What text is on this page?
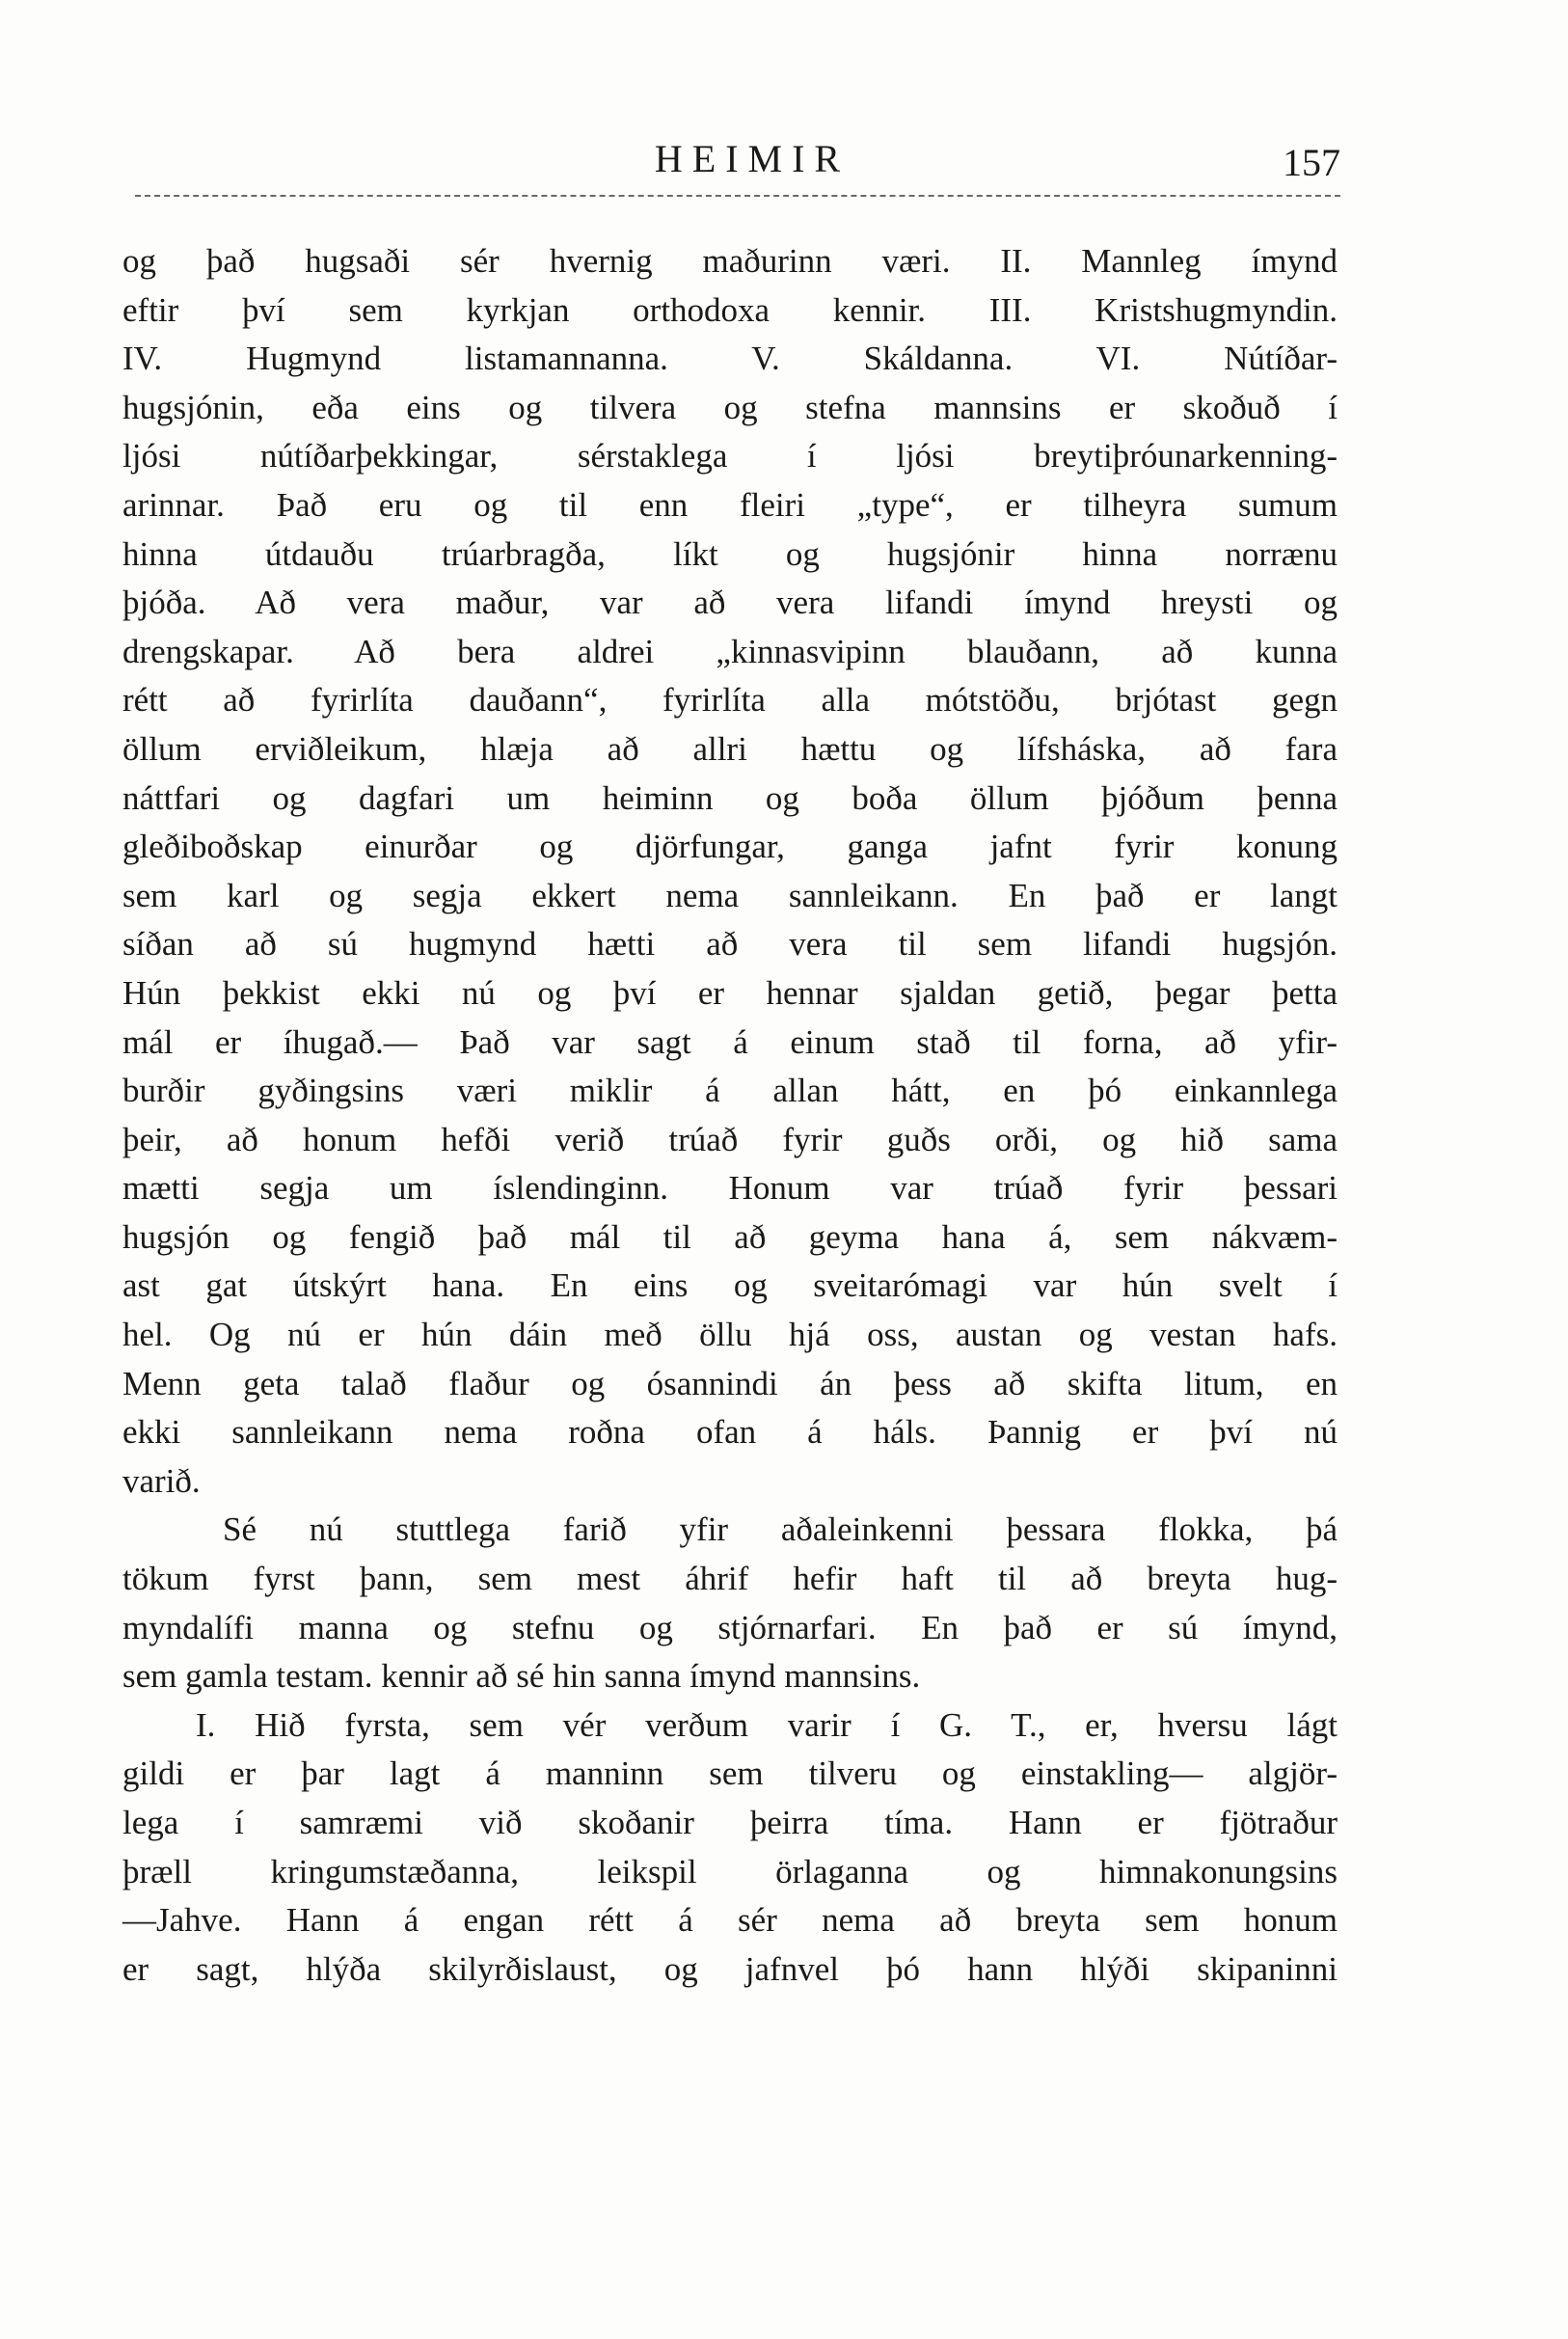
HEIMIR	157
og það hugsaði sér hvernig maðurinn væri. II. Mannleg ímynd
eftir því sem kyrkjan orthodoxa kennir. III. Kristshugmyndin.
IV. Hugmynd listamannanna. V. Skáldanna. VI. Nútíðar-
hugsjónin, eða eins og tilvera og stefna mannsins er skoðuð í
ljósi nútíðarþekkingar, sérstaklega í ljósi breytiþróunarkenning-
arinnar. Það eru og til enn fleiri „type“, er tilheyra sumum
hinna útdauðu trúarbragða, líkt og hugsjónir hinna norrænu
þjóða. Að vera maður, var að vera lifandi ímynd hreysti og
drengskapar. Að bera aldrei „kinnasvipinn blauðann, að kunna
rétt að fyrirlíta dauðann“, fyrirlíta alla mótstöðu, brjótast gegn
öllum erviðleikum, hlæja að allri hættu og lífsháska, að fara
náttfari og dagfari um heiminn og boða öllum þjóðum þenna
gleðiboðskap einurðar og djörfungar, ganga jafnt fyrir konung
sem karl og segja ekkert nema sannleikann. En það er langt
síðan að sú hugmynd hætti að vera til sem lifandi hugsjón.
Hún þekkist ekki nú og því er hennar sjaldan getið, þegar þetta
mál er íhugað.— Það var sagt á einum stað til forna, að yfir-
burðir gyðingsins væri miklir á allan hátt, en þó einkannlega
þeir, að honum hefði verið trúað fyrir guðs orði, og hið sama
mætti segja um íslendinginn. Honum var trúað fyrir þessari
hugsjón og fengið það mál til að geyma hana á, sem nákvæm-
ast gat útskýrt hana. En eins og sveitarómagi var hún svelt í
hel. Og nú er hún dáin með öllu hjá oss, austan og vestan hafs.
Menn geta talað flaður og ósannindi án þess að skifta litum, en
ekki sannleikann nema roðna ofan á háls. Þannig er því nú
varið.
Sé nú stuttlega farið yfir aðaleinkenni þessara flokka, þá
tökum fyrst þann, sem mest áhrif hefir haft til að breyta hug-
myndalífi manna og stefnu og stjórnarfari. En það er sú ímynd,
sem gamla testam. kennir að sé hin sanna ímynd mannsins.
I. Hið fyrsta, sem vér verðum varir í G. T., er, hversu lágt
gildi er þar lagt á manninn sem tilveru og einstakling— algjör-
lega í samræmi við skoðanir þeirra tíma. Hann er fjötraður
þræll kringumstæðanna, leikspil örlaganna og himnakonungsins
—Jahve. Hann á engan rétt á sér nema að breyta sem honum
er sagt, hlýða skilyrðislaust, og jafnvel þó hann hlýði skipaninni
